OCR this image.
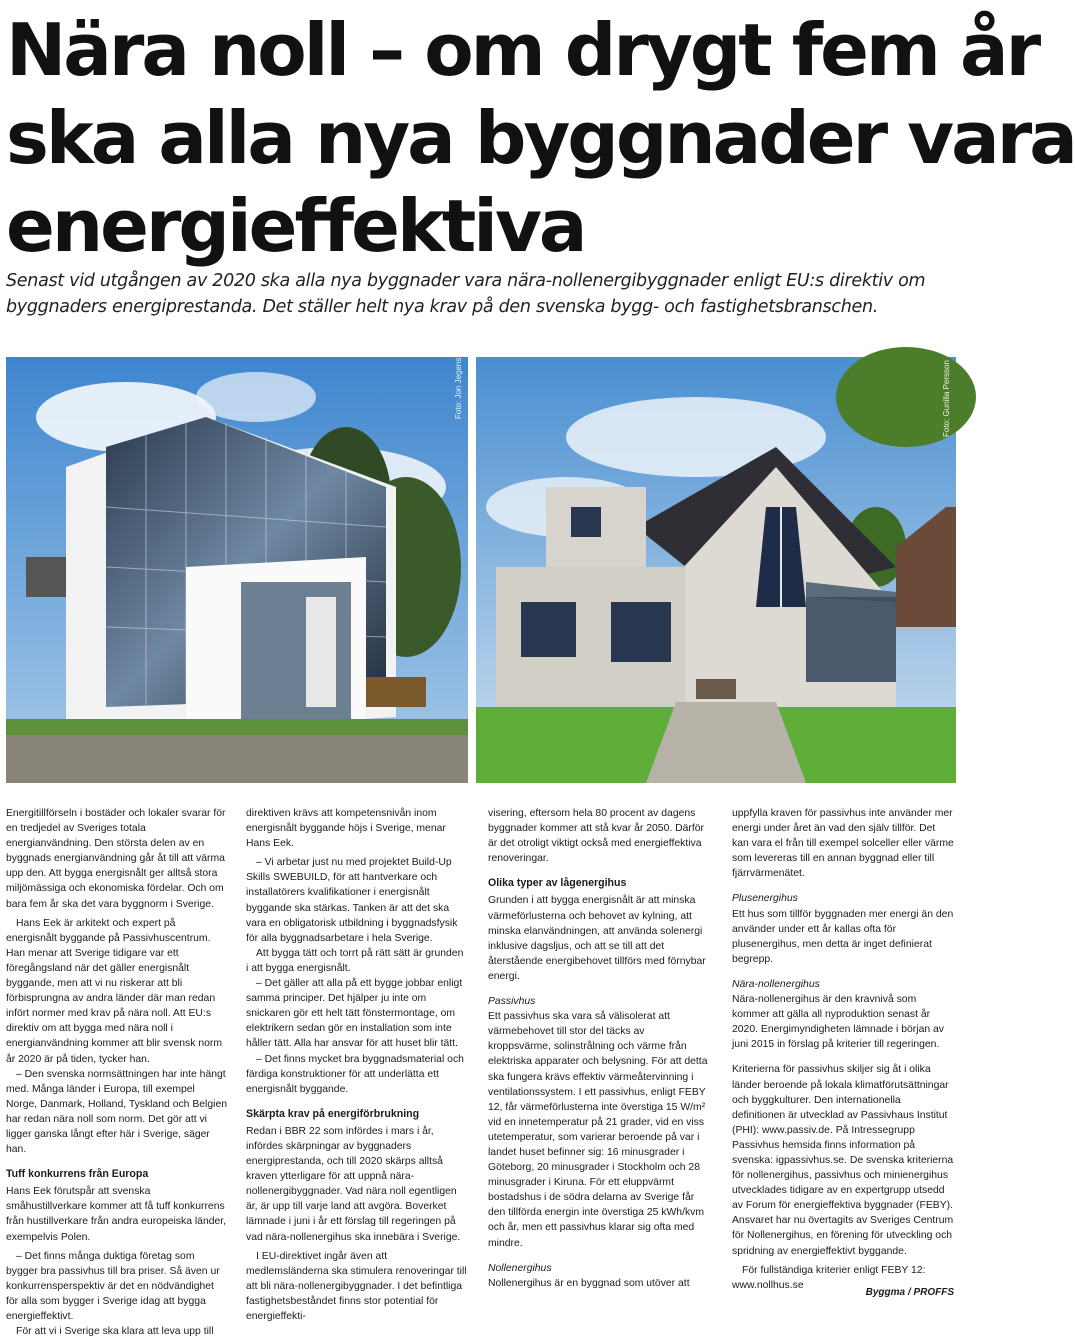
Nära noll – om drygt fem år
ska alla nya byggnader vara
energieffektiva
Senast vid utgången av 2020 ska alla nya byggnader vara nära-nollenergibyggnader enligt EU:s direktiv om byggnaders energiprestanda. Det ställer helt nya krav på den svenska bygg- och fastighetsbranschen.
Foto: Jon Jegenstjö	Foto: Gunilla Persson

Energitillförseln i bostäder och lokaler svarar för en tredjedel av Sveriges totala energianvändning. Den största delen av en byggnads energianvändning går åt till att värma upp den. Att bygga energisnålt ger alltså stora miljömässiga och ekonomiska fördelar. Och om bara fem år ska det vara byggnorm i Sverige.

Hans Eek är arkitekt och expert på energisnålt byggande på Passivhuscentrum. Han menar att Sverige tidigare var ett föregångsland när det gäller energisnålt byggande, men att vi nu riskerar att bli förbisprungna av andra länder där man redan infört normer med krav på nära noll. Att EU:s direktiv om att bygga med nära noll i energianvändning kommer att blir svensk norm år 2020 är på tiden, tycker han.

– Den svenska normsättningen har inte hängt med. Många länder i Europa, till exempel Norge, Danmark, Holland, Tyskland och Belgien har redan nära noll som norm. Det gör att vi ligger ganska långt efter här i Sverige, säger han.

Tuff konkurrens från Europa

Hans Eek förutspår att svenska småhustillverkare kommer att få tuff konkurrens från hustillverkare från andra europeiska länder, exempelvis Polen.

– Det finns många duktiga företag som bygger bra passivhus till bra priser. Så även ur konkurrensperspektiv är det en nödvändighet för alla som bygger i Sverige idag att bygga energieffektivt.

För att vi i Sverige ska klara att leva upp till

direktiven krävs att kompetensnivån inom energisnålt byggande höjs i Sverige, menar Hans Eek.

– Vi arbetar just nu med projektet Build-Up Skills SWEBUILD, för att hantverkare och installatörers kvalifikationer i energisnålt byggande ska stärkas. Tanken är att det ska vara en obligatorisk utbildning i byggnadsfysik för alla byggnadsarbetare i hela Sverige.

Att bygga tätt och torrt på rätt sätt är grunden i att bygga energisnålt.

– Det gäller att alla på ett bygge jobbar enligt samma principer. Det hjälper ju inte om snickaren gör ett helt tätt fönstermontage, om elektrikern sedan gör en installation som inte håller tätt. Alla har ansvar för att huset blir tätt.

– Det finns mycket bra byggnadsmaterial och färdiga konstruktioner för att underlätta ett energisnålt byggande.

Skärpta krav på energiförbrukning

Redan i BBR 22 som infördes i mars i år, infördes skärpningar av byggnaders energiprestanda, och till 2020 skärps alltså kraven ytterligare för att uppnå nära-nollenergibyggnader. Vad nära noll egentligen är, är upp till varje land att avgöra. Boverket lämnade i juni i år ett förslag till regeringen på vad nära-nollenergihus ska innebära i Sverige.

I EU-direktivet ingår även att medlemsländerna ska stimulera renoveringar till att bli nära-nollenergibyggnader. I det befintliga fastighetsbeståndet finns stor potential för energieffekti-

visering, eftersom hela 80 procent av dagens byggnader kommer att stå kvar år 2050. Därför är det otroligt viktigt också med energieffektiva renoveringar.

Olika typer av lågenergihus

Grunden i att bygga energisnålt är att minska värmeförlusterna och behovet av kylning, att minska elanvändningen, att använda solenergi inklusive dagsljus, och att se till att det återstående energibehovet tillförs med förnybar energi.

Passivhus

Ett passivhus ska vara så välisolerat att värmebehovet till stor del täcks av kroppsvärme, solinstrålning och värme från elektriska apparater och belysning. För att detta ska fungera krävs effektiv värmeåtervinning i ventilationssystem. I ett passivhus, enligt FEBY 12, får värmeförlusterna inte överstiga 15 W/m² vid en innetemperatur på 21 grader, vid en viss utetemperatur, som varierar beroende på var i landet huset befinner sig: 16 minusgrader i Göteborg, 20 minusgrader i Stockholm och 28 minusgrader i Kiruna. För ett eluppvärmt bostadshus i de södra delarna av Sverige får den tillförda energin inte överstiga 25 kWh/kvm och år, men ett passivhus klarar sig ofta med mindre.

Nollenergihus

Nollenergihus är en byggnad som utöver att

uppfylla kraven för passivhus inte använder mer energi under året än vad den själv tillför. Det kan vara el från till exempel solceller eller värme som levereras till en annan byggnad eller till fjärrvärmenätet.

Plusenergihus

Ett hus som tillför byggnaden mer energi än den använder under ett år kallas ofta för plusenergihus, men detta är inget definierat begrepp.

Nära-nollenergihus

Nära-nollenergihus är den kravnivå som kommer att gälla all nyproduktion senast år 2020. Energimyndigheten lämnade i början av juni 2015 in förslag på kriterier till regeringen.

Kriterierna för passivhus skiljer sig åt i olika länder beroende på lokala klimatförutsättningar och byggkulturer. Den internationella definitionen är utvecklad av Passivhaus Institut (PHI): www.passiv.de. På Intressegrupp Passivhus hemsida finns information på svenska: igpassivhus.se. De svenska kriterierna för nollenergihus, passivhus och minienergihus utvecklades tidigare av en expertgrupp utsedd av Forum för energieffektiva byggnader (FEBY). Ansvaret har nu övertagits av Sveriges Centrum för Nollenergihus, en förening för utveckling och spridning av energieffektivt byggande.

För fullständiga kriterier enligt FEBY 12: www.nollhus.se

Byggma / PROFFS
